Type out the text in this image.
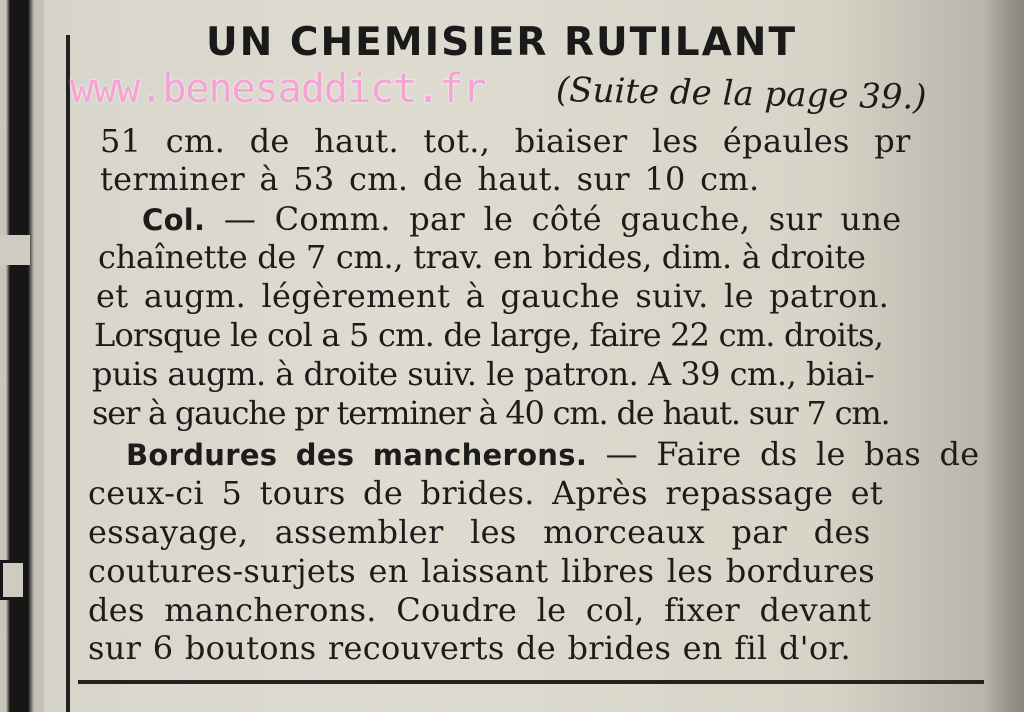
UN CHEMISIER RUTILANT
www.benesaddict.fr (Suite de la page 39.)
51 cm. de haut. tot., biaiser les épaules pr
terminer à 53 cm. de haut. sur 10 cm.
Col. — Comm. par le côté gauche, sur une
chaînette de 7 cm., trav. en brides, dim. à droite
et augm. légèrement à gauche suiv. le patron.
Lorsque le col a 5 cm. de large, faire 22 cm. droits,
puis augm. à droite suiv. le patron. A 39 cm., biai-
ser à gauche pr terminer à 40 cm. de haut. sur 7 cm.
Bordures des mancherons. — Faire ds le bas de
ceux-ci 5 tours de brides. Après repassage et
essayage, assembler les morceaux par des
coutures-surjets en laissant libres les bordures
des mancherons. Coudre le col, fixer devant
sur 6 boutons recouverts de brides en fil d'or.
